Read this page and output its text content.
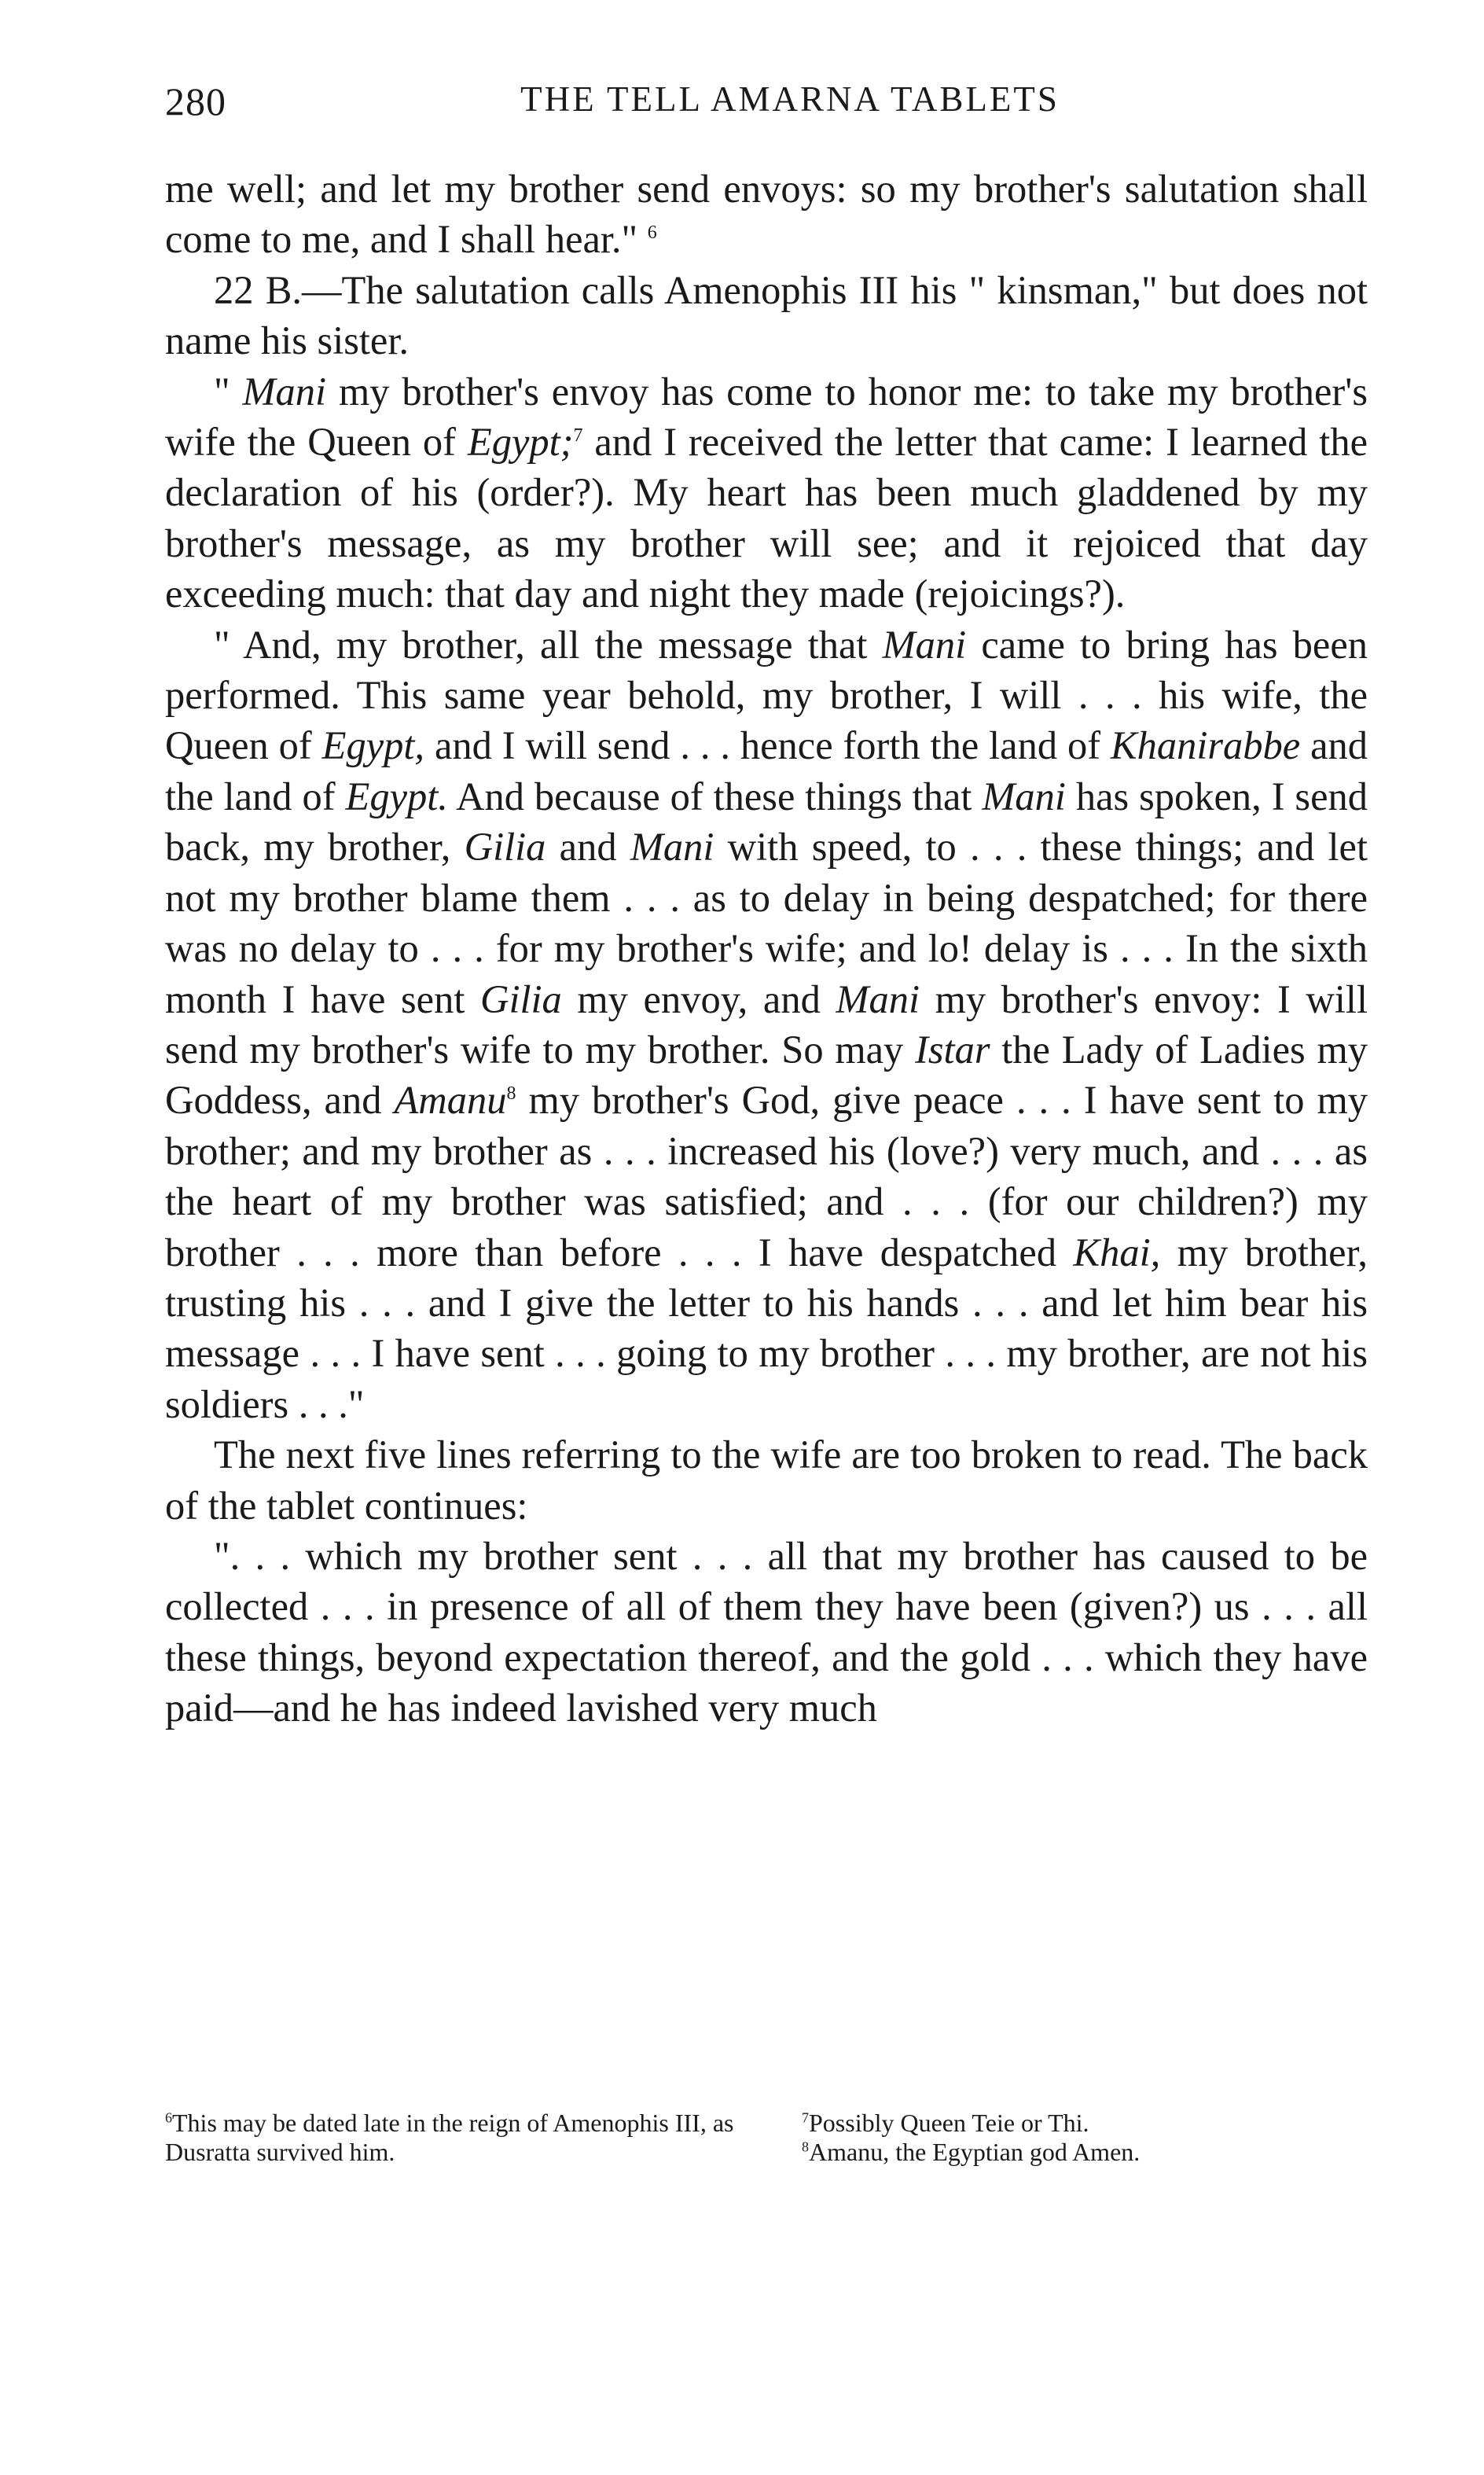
280	THE TELL AMARNA TABLETS

me well; and let my brother send envoys: so my brother's salutation shall come to me, and I shall hear." $^6$

22 B.—The salutation calls Amenophis III his " kinsman," but does not name his sister.

" Mani my brother's envoy has come to honor me: to take my brother's wife the Queen of Egypt;$^7$ and I received the letter that came: I learned the declaration of his (order?). My heart has been much gladdened by my brother's message, as my brother will see; and it rejoiced that day exceeding much: that day and night they made (rejoicings?).

" And, my brother, all the message that Mani came to bring has been performed. This same year behold, my brother, I will . . . his wife, the Queen of Egypt, and I will send . . . hence forth the land of Khanirabbe and the land of Egypt. And because of these things that Mani has spoken, I send back, my brother, Gilia and Mani with speed, to . . . these things; and let not my brother blame them . . . as to delay in being despatched; for there was no delay to . . . for my brother's wife; and lo! delay is . . . In the sixth month I have sent Gilia my envoy, and Mani my brother's envoy: I will send my brother's wife to my brother. So may Istar the Lady of Ladies my Goddess, and Amanu$^8$ my brother's God, give peace . . . I have sent to my brother; and my brother as . . . increased his (love?) very much, and . . . as the heart of my brother was satisfied; and . . . (for our children?) my brother . . . more than before . . . I have despatched Khai, my brother, trusting his . . . and I give the letter to his hands . . . and let him bear his message . . . I have sent . . . going to my brother . . . my brother, are not his soldiers . . ."

The next five lines referring to the wife are too broken to read. The back of the tablet continues:

". . . which my brother sent . . . all that my brother has caused to be collected . . . in presence of all of them they have been (given?) us . . . all these things, beyond expectation thereof, and the gold . . . which they have paid—and he has indeed lavished very much

$^6$This may be dated late in the reign of Amenophis III, as Dusratta survived him.

$^7$Possibly Queen Teie or Thi.

$^8$Amanu, the Egyptian god Amen.
